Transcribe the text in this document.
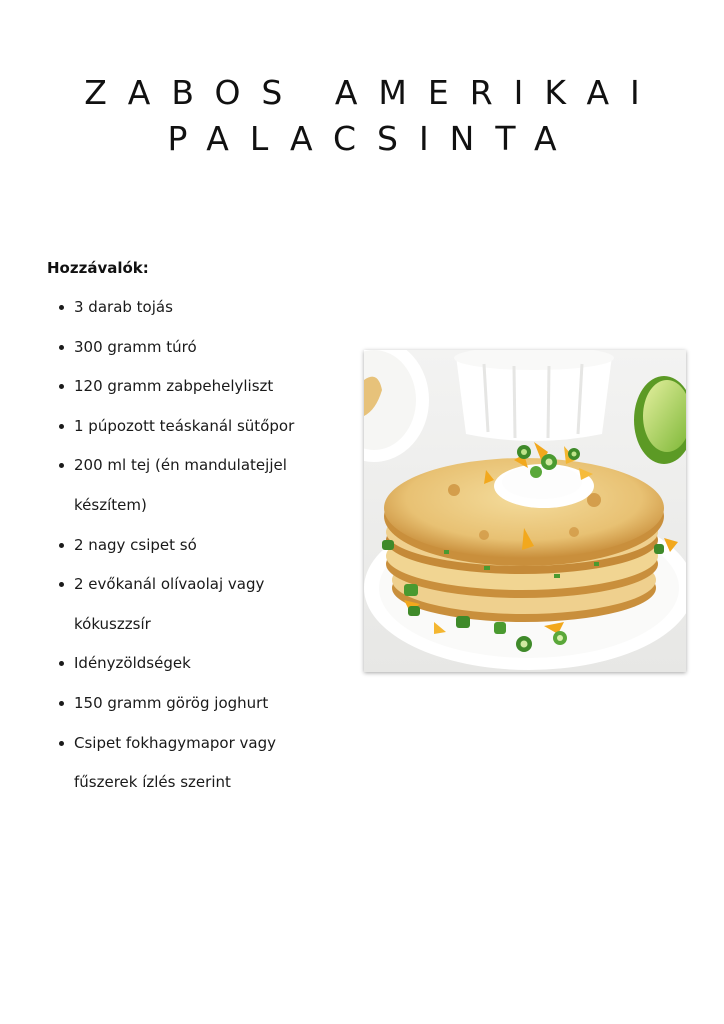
ZABOS AMERIKAI
PALACSINTA
Hozzávalók:
3 darab tojás
300 gramm túró
120 gramm zabpehelyliszt
1 púpozott teáskanál sütőpor
200 ml tej (én mandulatejjel
készítem)
2 nagy csipet só
2 evőkanál olívaolaj vagy
kókuszzsír
Idényzöldségek
150 gramm görög joghurt
Csipet fokhagymapor vagy
fűszerek ízlés szerint
